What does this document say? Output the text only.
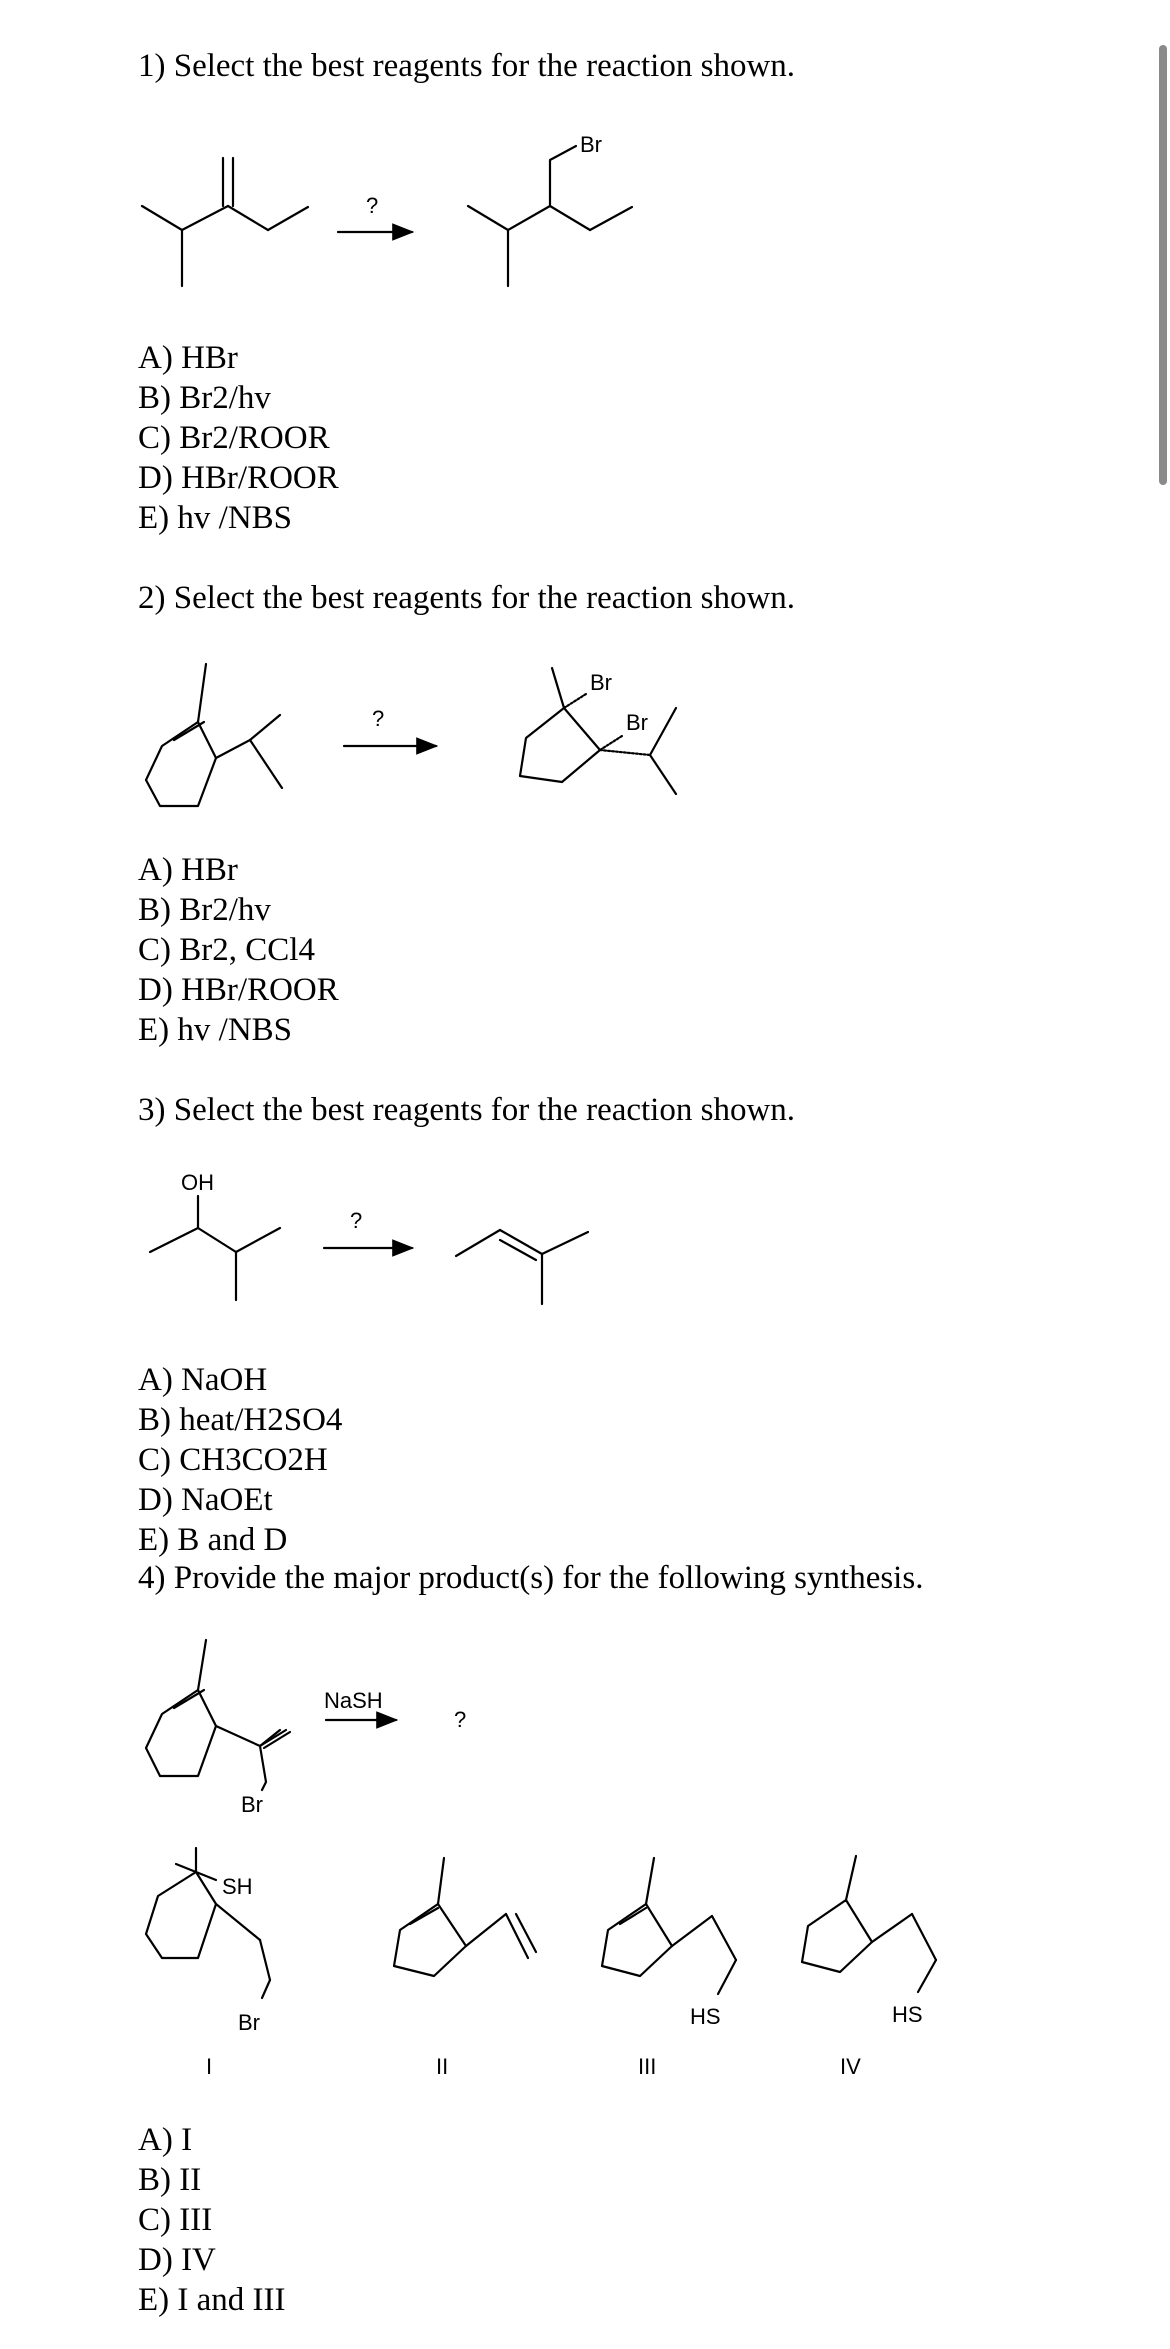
1) Select the best reagents for the reaction shown.
2) Select the best reagents for the reaction shown.
3) Select the best reagents for the reaction shown.
4) Provide the major product(s) for the following synthesis.
A) HBr
B) Br2/hv
C) Br2/ROOR
D) HBr/ROOR
E) hv /NBS
A) HBr
B) Br2/hv
C) Br2, CCl4
D) HBr/ROOR
E) hv /NBS
A) NaOH
B) heat/H2SO4
C) CH3CO2H
D) NaOEt
E) B and D
A) I
B) II
C) III
D) IV
E) I and III
?
Br
?
Br
Br
OH
?
Br
NaSH
?
SH
Br
I	II
HS
III
HS
IV
